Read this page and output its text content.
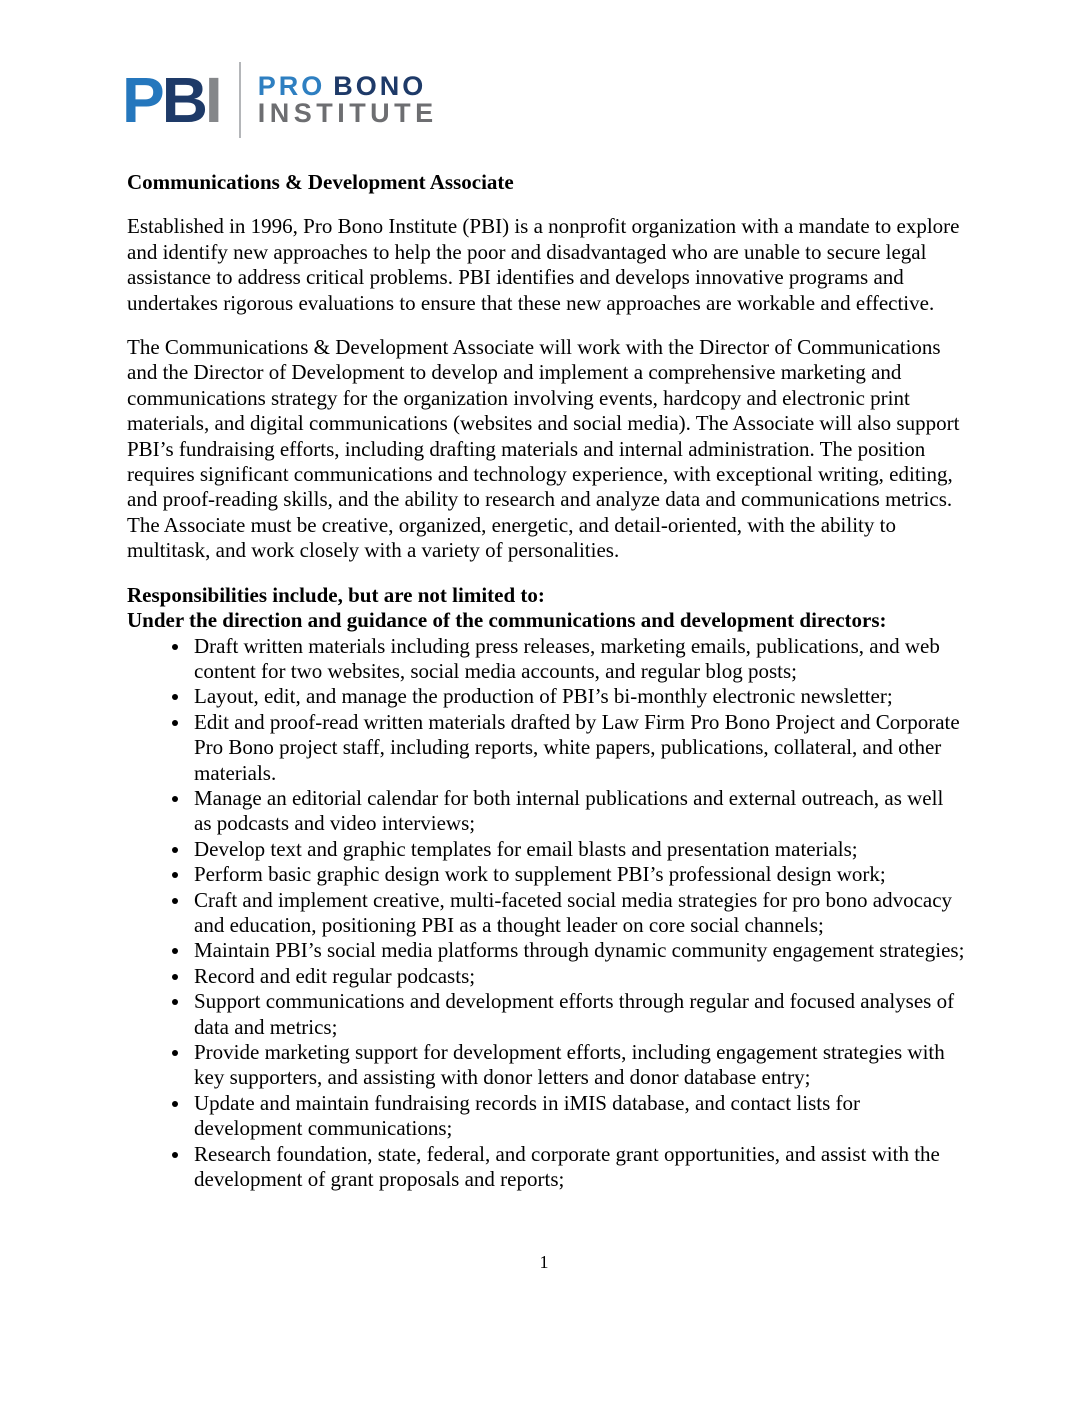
PBI PRO BONO
INSTITUTE
Communications & Development Associate

Established in 1996, Pro Bono Institute (PBI) is a nonprofit organization with a mandate to explore and identify new approaches to help the poor and disadvantaged who are unable to secure legal assistance to address critical problems. PBI identifies and develops innovative programs and undertakes rigorous evaluations to ensure that these new approaches are workable and effective.

The Communications & Development Associate will work with the Director of Communications and the Director of Development to develop and implement a comprehensive marketing and communications strategy for the organization involving events, hardcopy and electronic print materials, and digital communications (websites and social media). The Associate will also support PBI’s fundraising efforts, including drafting materials and internal administration. The position requires significant communications and technology experience, with exceptional writing, editing, and proof-reading skills, and the ability to research and analyze data and communications metrics. The Associate must be creative, organized, energetic, and detail-oriented, with the ability to multitask, and work closely with a variety of personalities.

Responsibilities include, but are not limited to:
Under the direction and guidance of the communications and development directors:
• Draft written materials including press releases, marketing emails, publications, and web content for two websites, social media accounts, and regular blog posts;
• Layout, edit, and manage the production of PBI’s bi-monthly electronic newsletter;
• Edit and proof-read written materials drafted by Law Firm Pro Bono Project and Corporate Pro Bono project staff, including reports, white papers, publications, collateral, and other materials.
• Manage an editorial calendar for both internal publications and external outreach, as well as podcasts and video interviews;
• Develop text and graphic templates for email blasts and presentation materials;
• Perform basic graphic design work to supplement PBI’s professional design work;
• Craft and implement creative, multi-faceted social media strategies for pro bono advocacy and education, positioning PBI as a thought leader on core social channels;
• Maintain PBI’s social media platforms through dynamic community engagement strategies;
• Record and edit regular podcasts;
• Support communications and development efforts through regular and focused analyses of data and metrics;
• Provide marketing support for development efforts, including engagement strategies with key supporters, and assisting with donor letters and donor database entry;
• Update and maintain fundraising records in iMIS database, and contact lists for development communications;
• Research foundation, state, federal, and corporate grant opportunities, and assist with the development of grant proposals and reports;
1
